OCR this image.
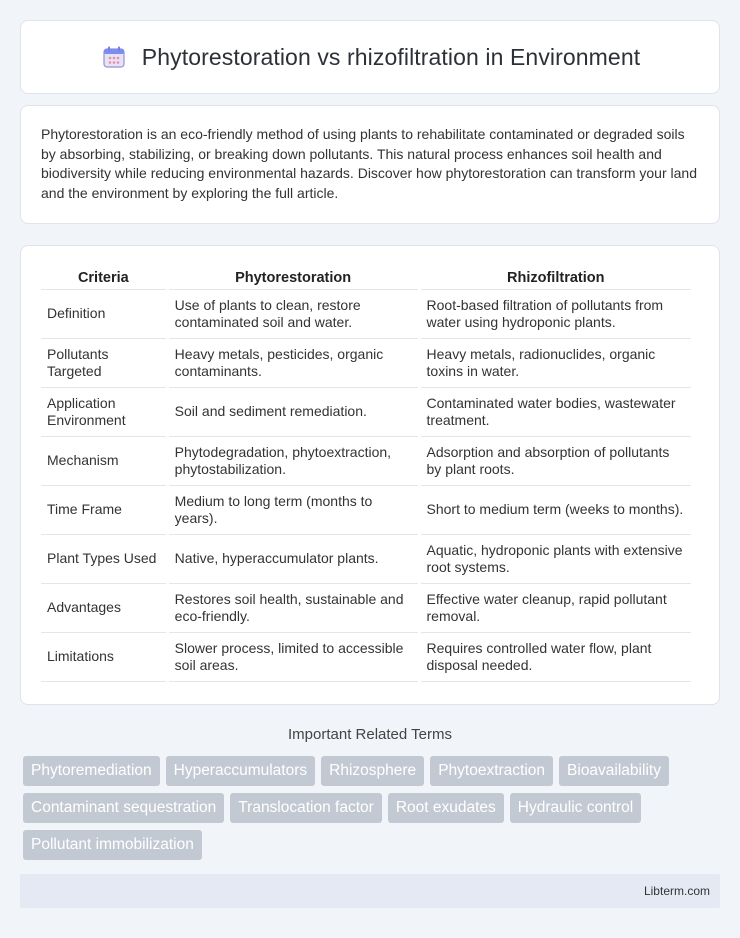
Phytorestoration vs rhizofiltration in Environment

Phytorestoration is an eco-friendly method of using plants to rehabilitate contaminated or degraded soils by absorbing, stabilizing, or breaking down pollutants. This natural process enhances soil health and biodiversity while reducing environmental hazards. Discover how phytorestoration can transform your land and the environment by exploring the full article.

Criteria	Phytorestoration	Rhizofiltration
Definition	Use of plants to clean, restore contaminated soil and water.	Root-based filtration of pollutants from water using hydroponic plants.
Pollutants Targeted	Heavy metals, pesticides, organic contaminants.	Heavy metals, radionuclides, organic toxins in water.
Application Environment	Soil and sediment remediation.	Contaminated water bodies, wastewater treatment.
Mechanism	Phytodegradation, phytoextraction, phytostabilization.	Adsorption and absorption of pollutants by plant roots.
Time Frame	Medium to long term (months to years).	Short to medium term (weeks to months).
Plant Types Used	Native, hyperaccumulator plants.	Aquatic, hydroponic plants with extensive root systems.
Advantages	Restores soil health, sustainable and eco-friendly.	Effective water cleanup, rapid pollutant removal.
Limitations	Slower process, limited to accessible soil areas.	Requires controlled water flow, plant disposal needed.
Important Related Terms
Phytoremediation	Hyperaccumulators	Rhizosphere	Phytoextraction	Bioavailability
Contaminant sequestration	Translocation factor	Root exudates	Hydraulic control
Pollutant immobilization
Libterm.com
